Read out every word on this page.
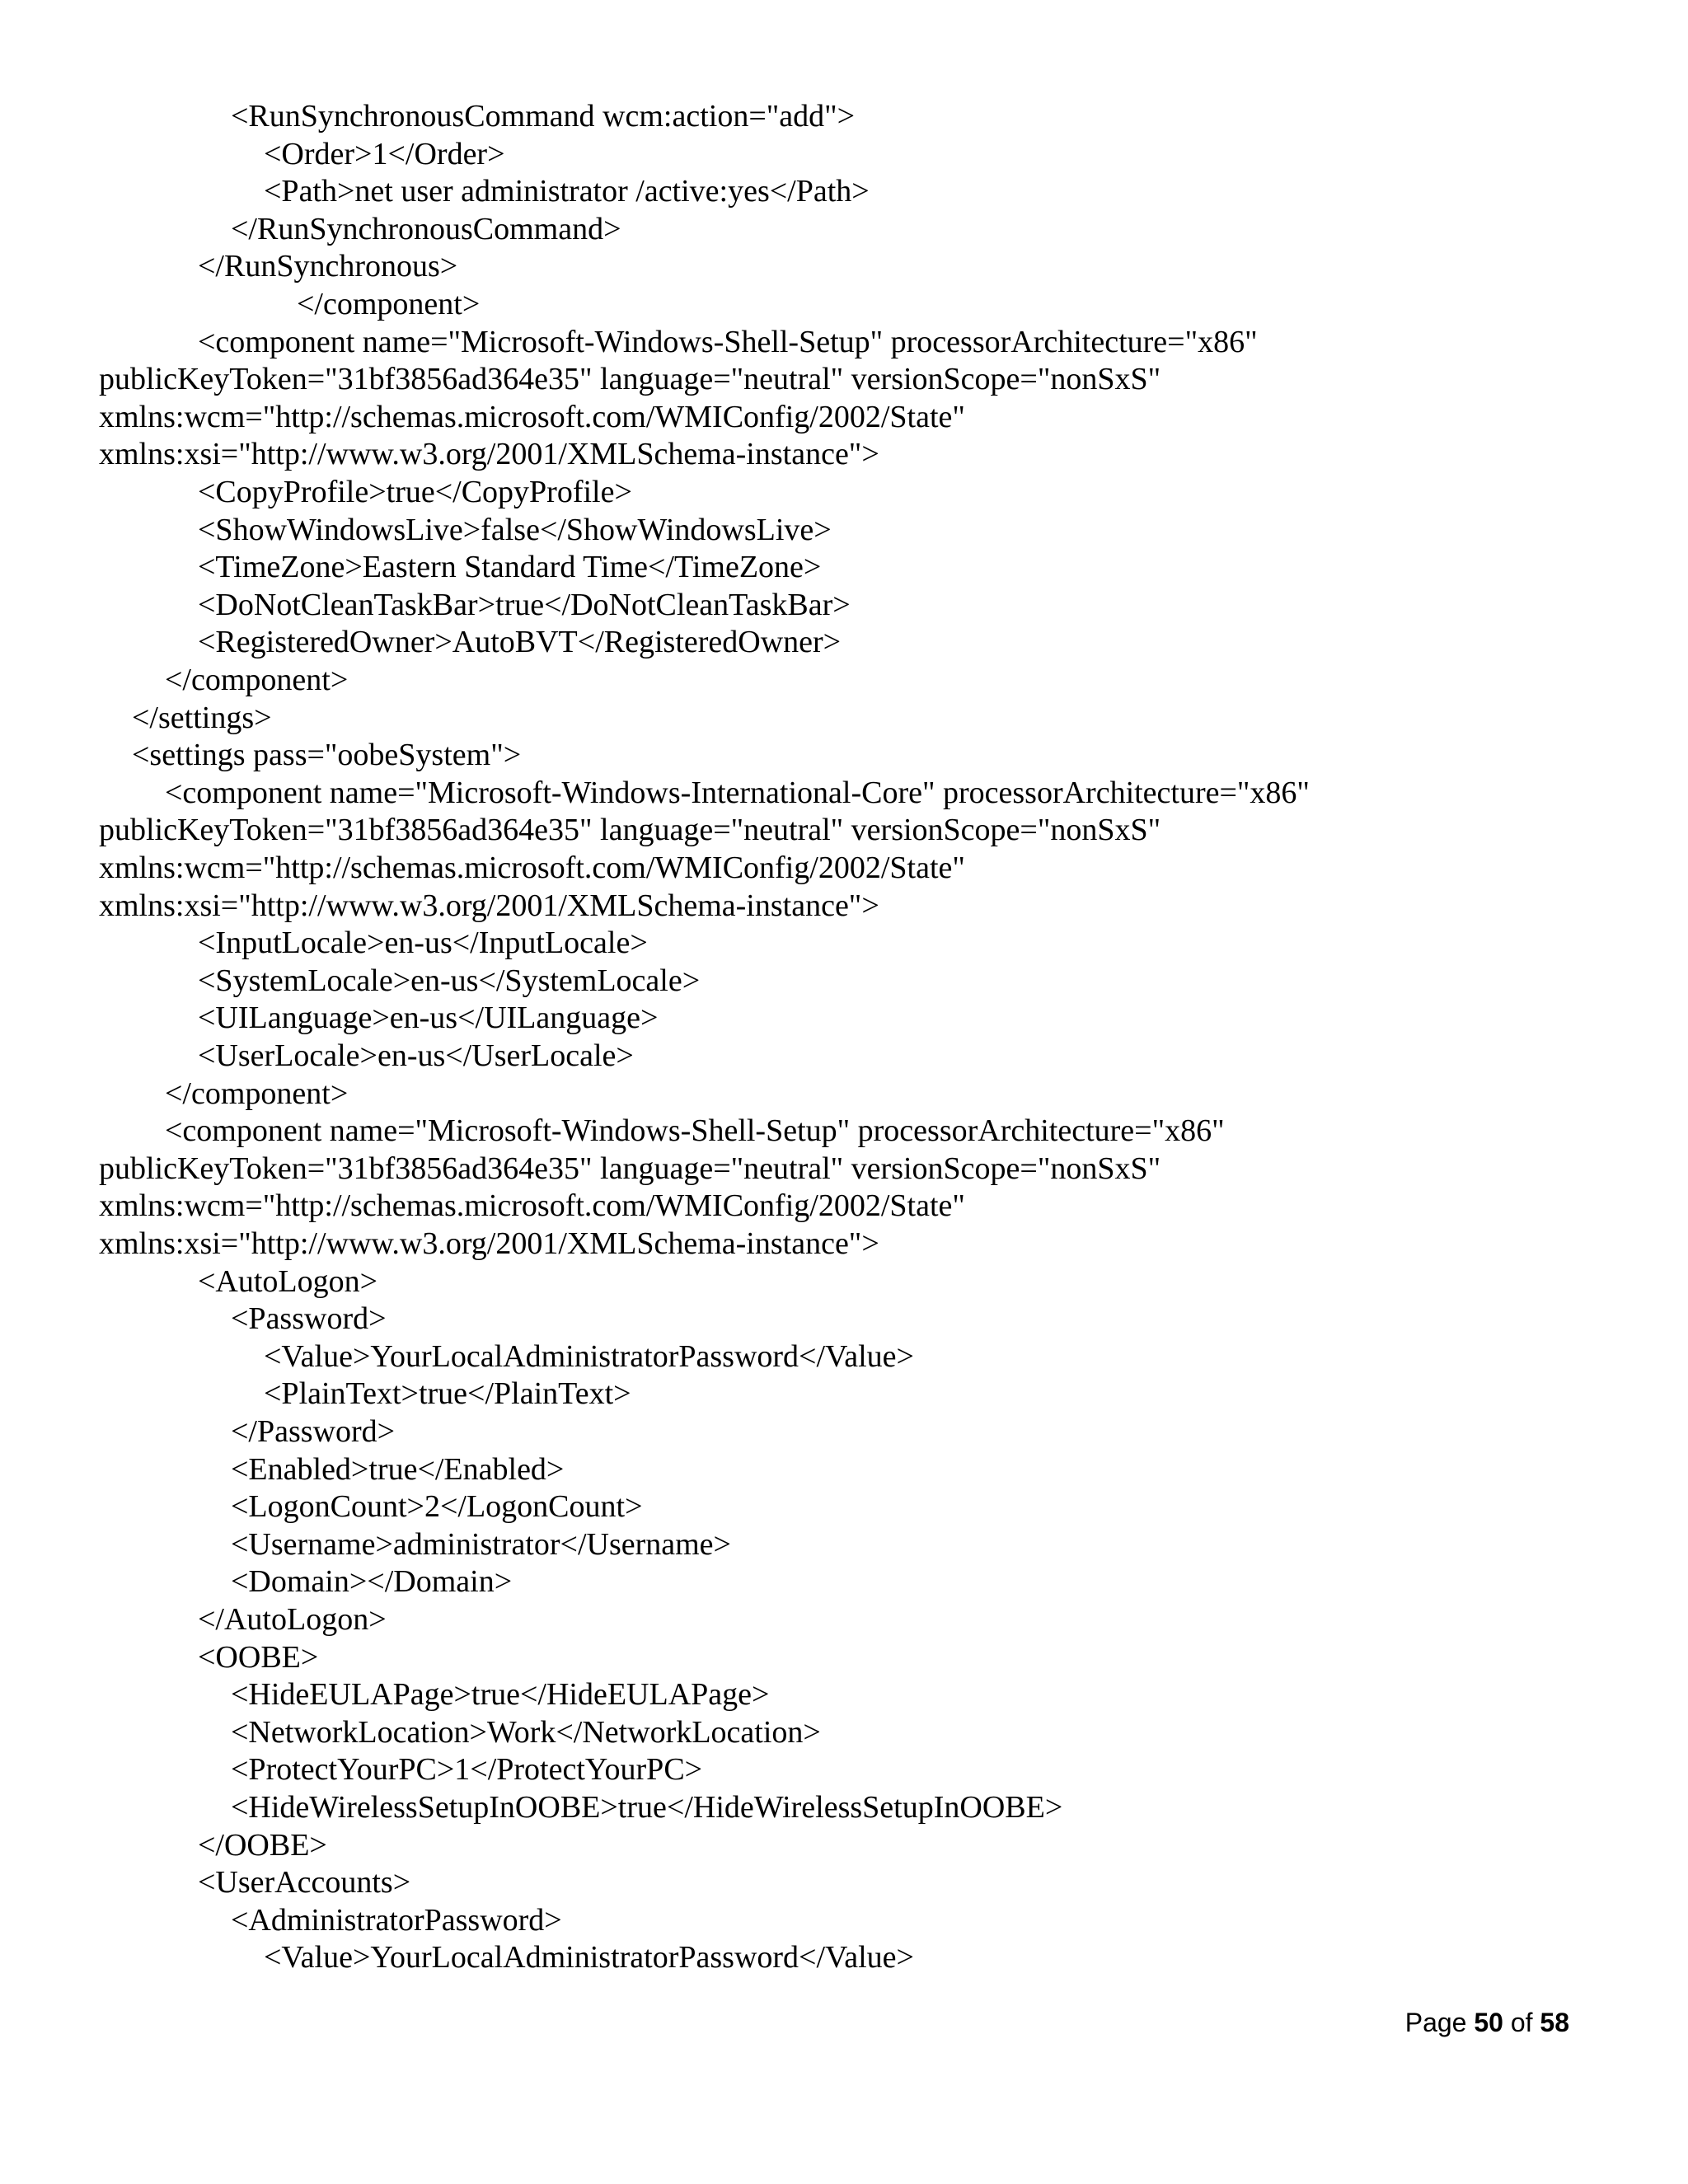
<RunSynchronousCommand wcm:action="add">
<Order>1</Order>
<Path>net user administrator /active:yes</Path>
</RunSynchronousCommand>
</RunSynchronous>
</component>
<component name="Microsoft-Windows-Shell-Setup" processorArchitecture="x86"
publicKeyToken="31bf3856ad364e35" language="neutral" versionScope="nonSxS"
xmlns:wcm="http://schemas.microsoft.com/WMIConfig/2002/State"
xmlns:xsi="http://www.w3.org/2001/XMLSchema-instance">
<CopyProfile>true</CopyProfile>
<ShowWindowsLive>false</ShowWindowsLive>
<TimeZone>Eastern Standard Time</TimeZone>
<DoNotCleanTaskBar>true</DoNotCleanTaskBar>
<RegisteredOwner>AutoBVT</RegisteredOwner>
</component>
</settings>
<settings pass="oobeSystem">
<component name="Microsoft-Windows-International-Core" processorArchitecture="x86"
publicKeyToken="31bf3856ad364e35" language="neutral" versionScope="nonSxS"
xmlns:wcm="http://schemas.microsoft.com/WMIConfig/2002/State"
xmlns:xsi="http://www.w3.org/2001/XMLSchema-instance">
<InputLocale>en-us</InputLocale>
<SystemLocale>en-us</SystemLocale>
<UILanguage>en-us</UILanguage>
<UserLocale>en-us</UserLocale>
</component>
<component name="Microsoft-Windows-Shell-Setup" processorArchitecture="x86"
publicKeyToken="31bf3856ad364e35" language="neutral" versionScope="nonSxS"
xmlns:wcm="http://schemas.microsoft.com/WMIConfig/2002/State"
xmlns:xsi="http://www.w3.org/2001/XMLSchema-instance">
<AutoLogon>
<Password>
<Value>YourLocalAdministratorPassword</Value>
<PlainText>true</PlainText>
</Password>
<Enabled>true</Enabled>
<LogonCount>2</LogonCount>
<Username>administrator</Username>
<Domain></Domain>
</AutoLogon>
<OOBE>
<HideEULAPage>true</HideEULAPage>
<NetworkLocation>Work</NetworkLocation>
<ProtectYourPC>1</ProtectYourPC>
<HideWirelessSetupInOOBE>true</HideWirelessSetupInOOBE>
</OOBE>
<UserAccounts>
<AdministratorPassword>
<Value>YourLocalAdministratorPassword</Value>
Page 50 of 58
